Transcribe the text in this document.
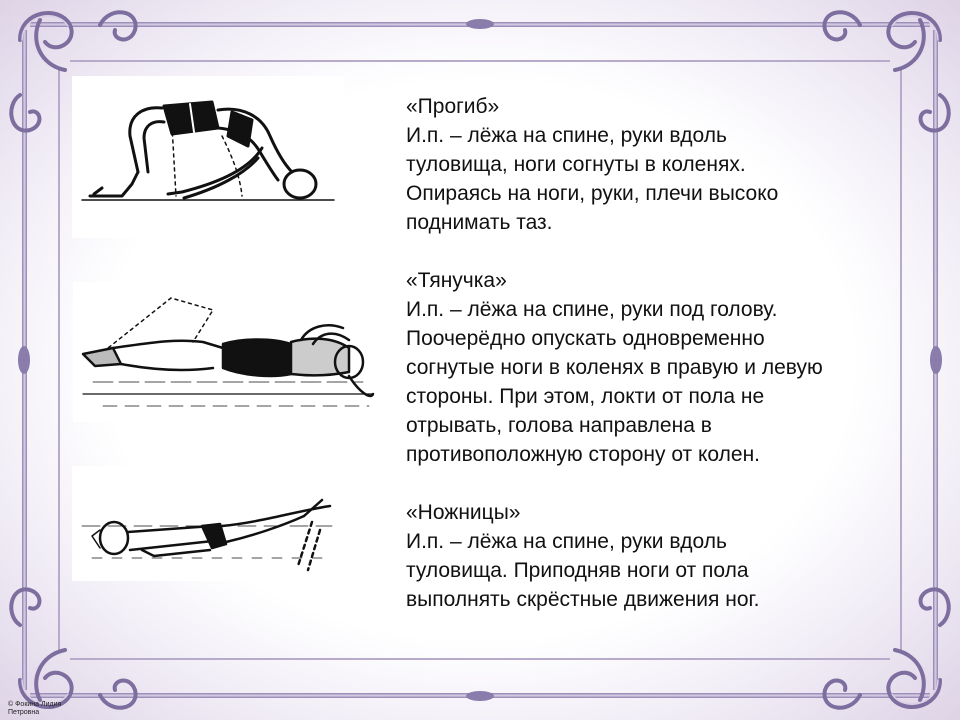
«Прогиб»
И.п. – лёжа на спине, руки вдоль
туловища, ноги согнуты в коленях.
Опираясь на ноги, руки, плечи высоко
поднимать таз.
«Тянучка»
И.п. – лёжа на спине, руки под голову.
Поочерёдно опускать одновременно
согнутые ноги в коленях в правую и левую
стороны. При этом, локти от пола не
отрывать, голова направлена в
противоположную сторону от колен.
«Ножницы»
И.п. – лёжа на спине, руки вдоль
туловища. Приподняв ноги от пола
выполнять скрёстные движения ног.
© Фокина Лидия
Петровна
